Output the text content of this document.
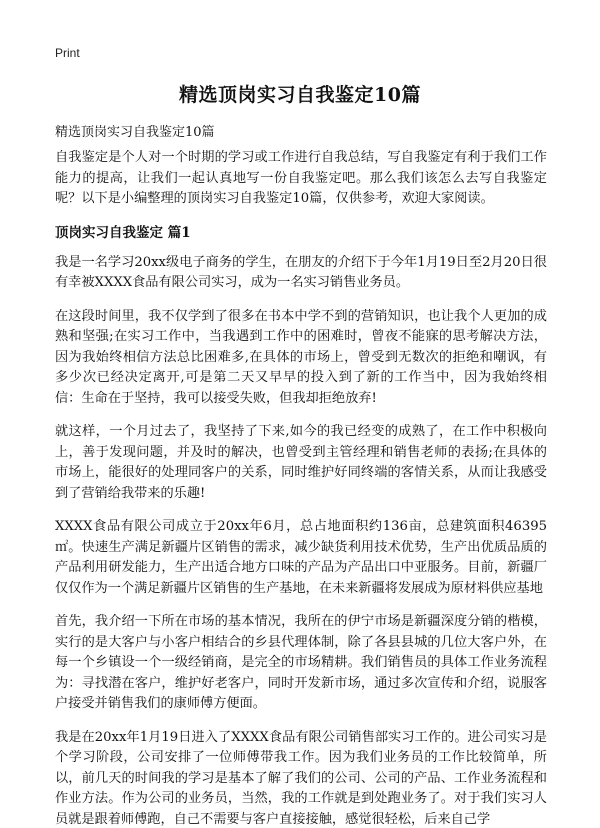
Print
精选顶岗实习自我鉴定10篇

精选顶岗实习自我鉴定10篇

自我鉴定是个人对一个时期的学习或工作进行自我总结，写自我鉴定有利于我们工作能力的提高，让我们一起认真地写一份自我鉴定吧。那么我们该怎么去写自我鉴定呢？以下是小编整理的顶岗实习自我鉴定10篇，仅供参考，欢迎大家阅读。

顶岗实习自我鉴定 篇1

我是一名学习20xx级电子商务的学生，在朋友的介绍下于今年1月19日至2月20日很有幸被XXXX食品有限公司实习，成为一名实习销售业务员。

在这段时间里，我不仅学到了很多在书本中学不到的营销知识，也让我个人更加的成熟和坚强;在实习工作中，当我遇到工作中的困难时，曾夜不能寐的思考解决方法，因为我始终相信方法总比困难多,在具体的市场上，曾受到无数次的拒绝和嘲讽，有多少次已经决定离开,可是第二天又早早的投入到了新的工作当中，因为我始终相信：生命在于坚持，我可以接受失败，但我却拒绝放弃!

就这样，一个月过去了，我坚持了下来,如今的我已经变的成熟了，在工作中积极向上，善于发现问题，并及时的解决，也曾受到主管经理和销售老师的表扬;在具体的市场上，能很好的处理同客户的关系，同时维护好同终端的客情关系，从而让我感受到了营销给我带来的乐趣!

XXXX食品有限公司成立于20xx年6月，总占地面积约136亩，总建筑面积46395㎡。快速生产满足新疆片区销售的需求，减少缺货利用技术优势，生产出优质品质的产品利用研发能力，生产出适合地方口味的产品为产品出口中亚服务。目前，新疆厂仅仅作为一个满足新疆片区销售的生产基地，在未来新疆将发展成为原材料供应基地

首先，我介绍一下所在市场的基本情况，我所在的伊宁市场是新疆深度分销的楷模，实行的是大客户与小客户相结合的乡县代理体制，除了各县县城的几位大客户外，在每一个乡镇设一个一级经销商，是完全的市场精耕。我们销售员的具体工作业务流程为：寻找潜在客户，维护好老客户，同时开发新市场，通过多次宣传和介绍，说服客户接受并销售我们的康师傅方便面。

我是在20xx年1月19日进入了XXXX食品有限公司销售部实习工作的。进公司实习是个学习阶段，公司安排了一位师傅带我工作。因为我们业务员的工作比较简单，所以，前几天的时间我的学习是基本了解了我们的公司、公司的产品、工作业务流程和作业方法。作为公司的业务员，当然，我的工作就是到处跑业务了。对于我们实习人员就是跟着师傅跑，自己不需要与客户直接接触，感觉很轻松，后来自己学
